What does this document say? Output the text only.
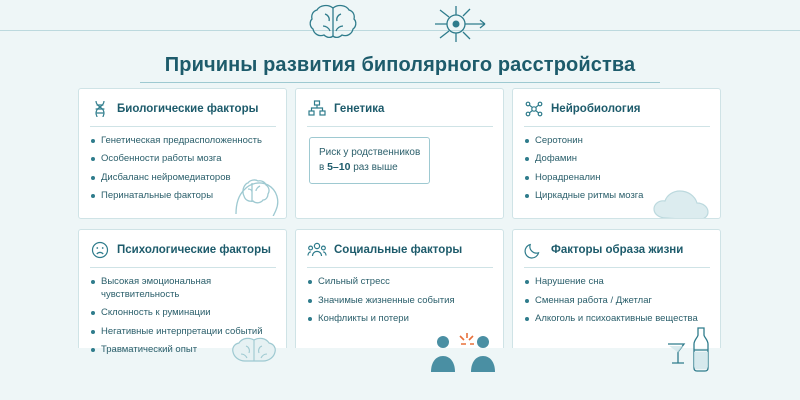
Причины развития биполярного расстройства
Биологические факторы
Генетическая предрасположенность
Особенности работы мозга
Дисбаланс нейромедиаторов
Перинатальные факторы
Генетика
Риск у родственников
в 5–10 раз выше
Нейробиология
Серотонин
Дофамин
Норадреналин
Циркадные ритмы мозга
Психологические факторы
Высокая эмоциональная чувствительность
Склонность к руминации
Негативные интерпретации событий
Травматический опыт
Социальные факторы
Сильный стресс
Значимые жизненные события
Конфликты и потери
Факторы образа жизни
Нарушение сна
Сменная работа / Джетлаг
Алкоголь и психоактивные вещества
